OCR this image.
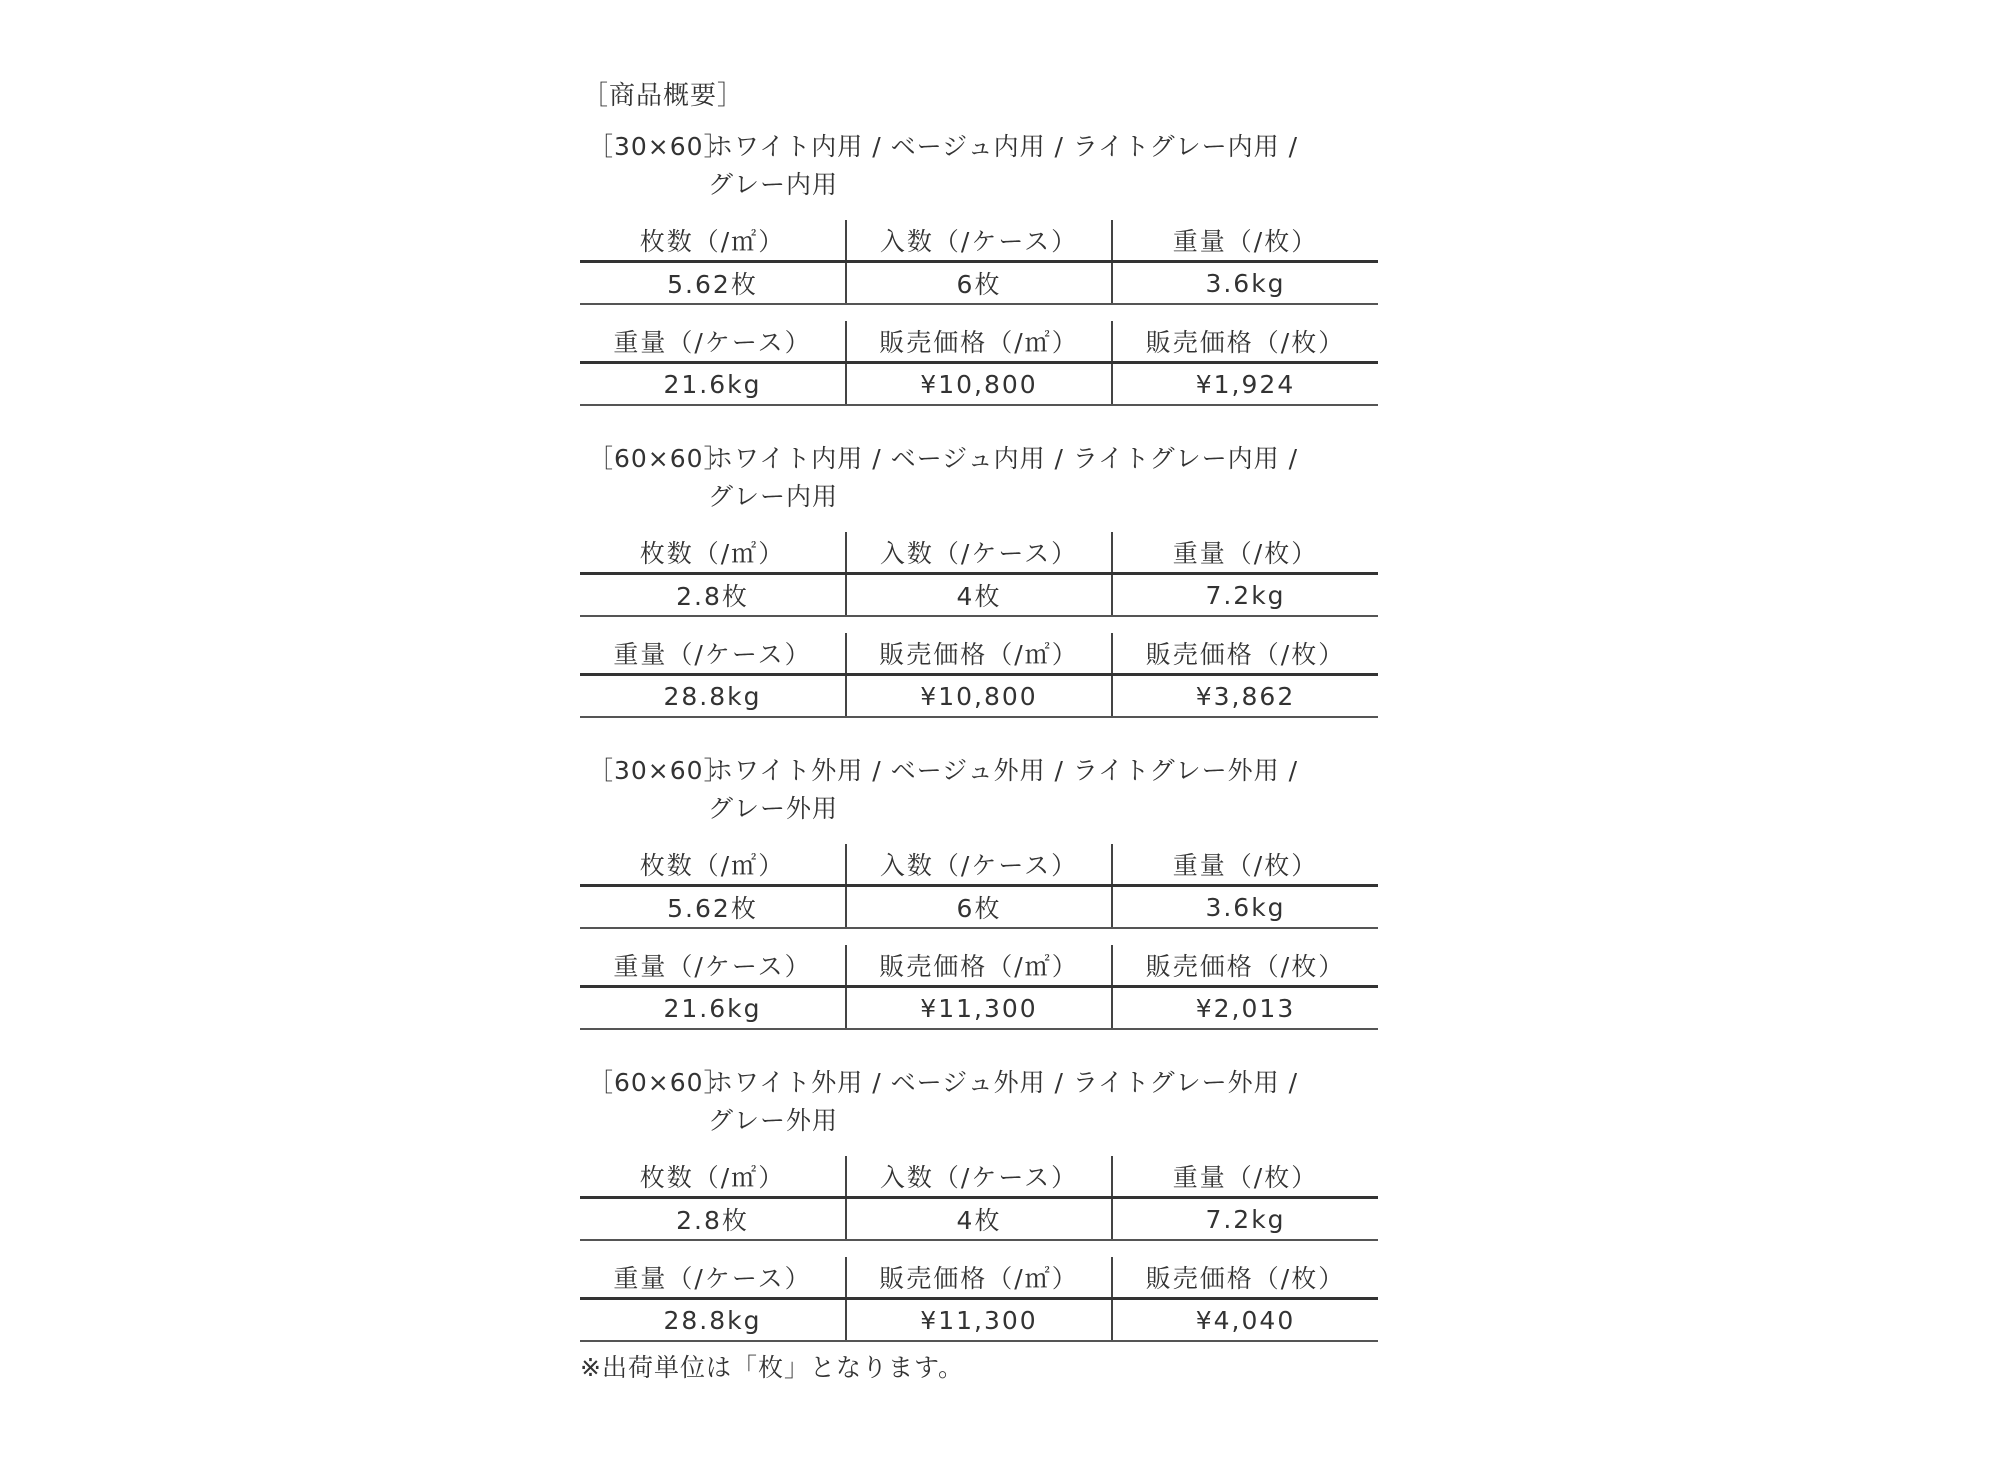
［商品概要］
［30×60］
ホワイト内用 / ベージュ内用 / ライトグレー内用 /
グレー内用

枚数（/㎡）	入数（/ケース）	重量（/枚）
5.62枚	6枚	3.6kg

重量（/ケース）	販売価格（/㎡）	販売価格（/枚）
21.6kg	¥10,800	¥1,924
［60×60］
ホワイト内用 / ベージュ内用 / ライトグレー内用 /
グレー内用

枚数（/㎡）	入数（/ケース）	重量（/枚）
2.8枚	4枚	7.2kg

重量（/ケース）	販売価格（/㎡）	販売価格（/枚）
28.8kg	¥10,800	¥3,862
［30×60］
ホワイト外用 / ベージュ外用 / ライトグレー外用 /
グレー外用

枚数（/㎡）	入数（/ケース）	重量（/枚）
5.62枚	6枚	3.6kg

重量（/ケース）	販売価格（/㎡）	販売価格（/枚）
21.6kg	¥11,300	¥2,013
［60×60］
ホワイト外用 / ベージュ外用 / ライトグレー外用 /
グレー外用

枚数（/㎡）	入数（/ケース）	重量（/枚）
2.8枚	4枚	7.2kg

重量（/ケース）	販売価格（/㎡）	販売価格（/枚）
28.8kg	¥11,300	¥4,040
※出荷単位は「枚」となります。
